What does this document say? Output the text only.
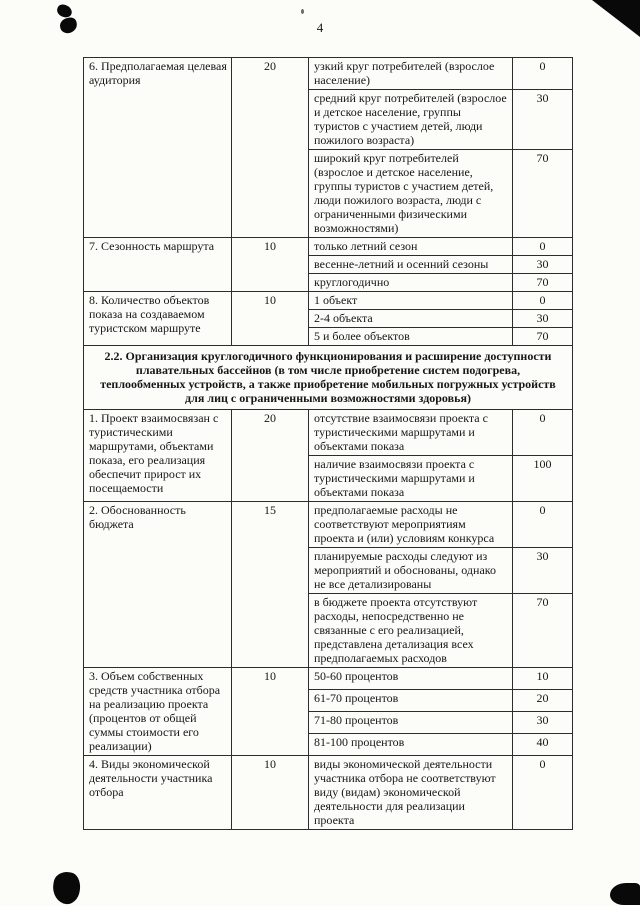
4
6. Предполагаемая целевая аудитория	20	узкий круг потребителей (взрослое население)	0
		средний круг потребителей (взрослое и детское население, группы туристов с участием детей, люди пожилого возраста)	30
		широкий круг потребителей (взрослое и детское население, группы туристов с участием детей, люди пожилого возраста, люди с ограниченными физическими возможностями)	70
7. Сезонность маршрута	10	только летний сезон	0
		весенне-летний и осенний сезоны	30
		круглогодично	70
8. Количество объектов показа на создаваемом туристском маршруте	10	1 объект	0
		2-4 объекта	30
		5 и более объектов	70
2.2. Организация круглогодичного функционирования и расширение доступности плавательных бассейнов (в том числе приобретение систем подогрева, теплообменных устройств, а также приобретение мобильных погружных устройств для лиц с ограниченными возможностями здоровья)			
1. Проект взаимосвязан с туристическими маршрутами, объектами показа, его реализация обеспечит прирост их посещаемости	20	отсутствие взаимосвязи проекта с туристическими маршрутами и объектами показа	0
		наличие взаимосвязи проекта с туристическими маршрутами и объектами показа	100
2. Обоснованность бюджета	15	предполагаемые расходы не соответствуют мероприятиям проекта и (или) условиям конкурса	0
		планируемые расходы следуют из мероприятий и обоснованы, однако не все детализированы	30
		в бюджете проекта отсутствуют расходы, непосредственно не связанные с его реализацией, представлена детализация всех предполагаемых расходов	70
3. Объем собственных средств участника отбора на реализацию проекта (процентов от общей суммы стоимости его реализации)	10	50-60 процентов	10
		61-70 процентов	20
		71-80 процентов	30
		81-100 процентов	40
4. Виды экономической деятельности участника отбора	10	виды экономической деятельности участника отбора не соответствуют виду (видам) экономической деятельности для реализации проекта	0
